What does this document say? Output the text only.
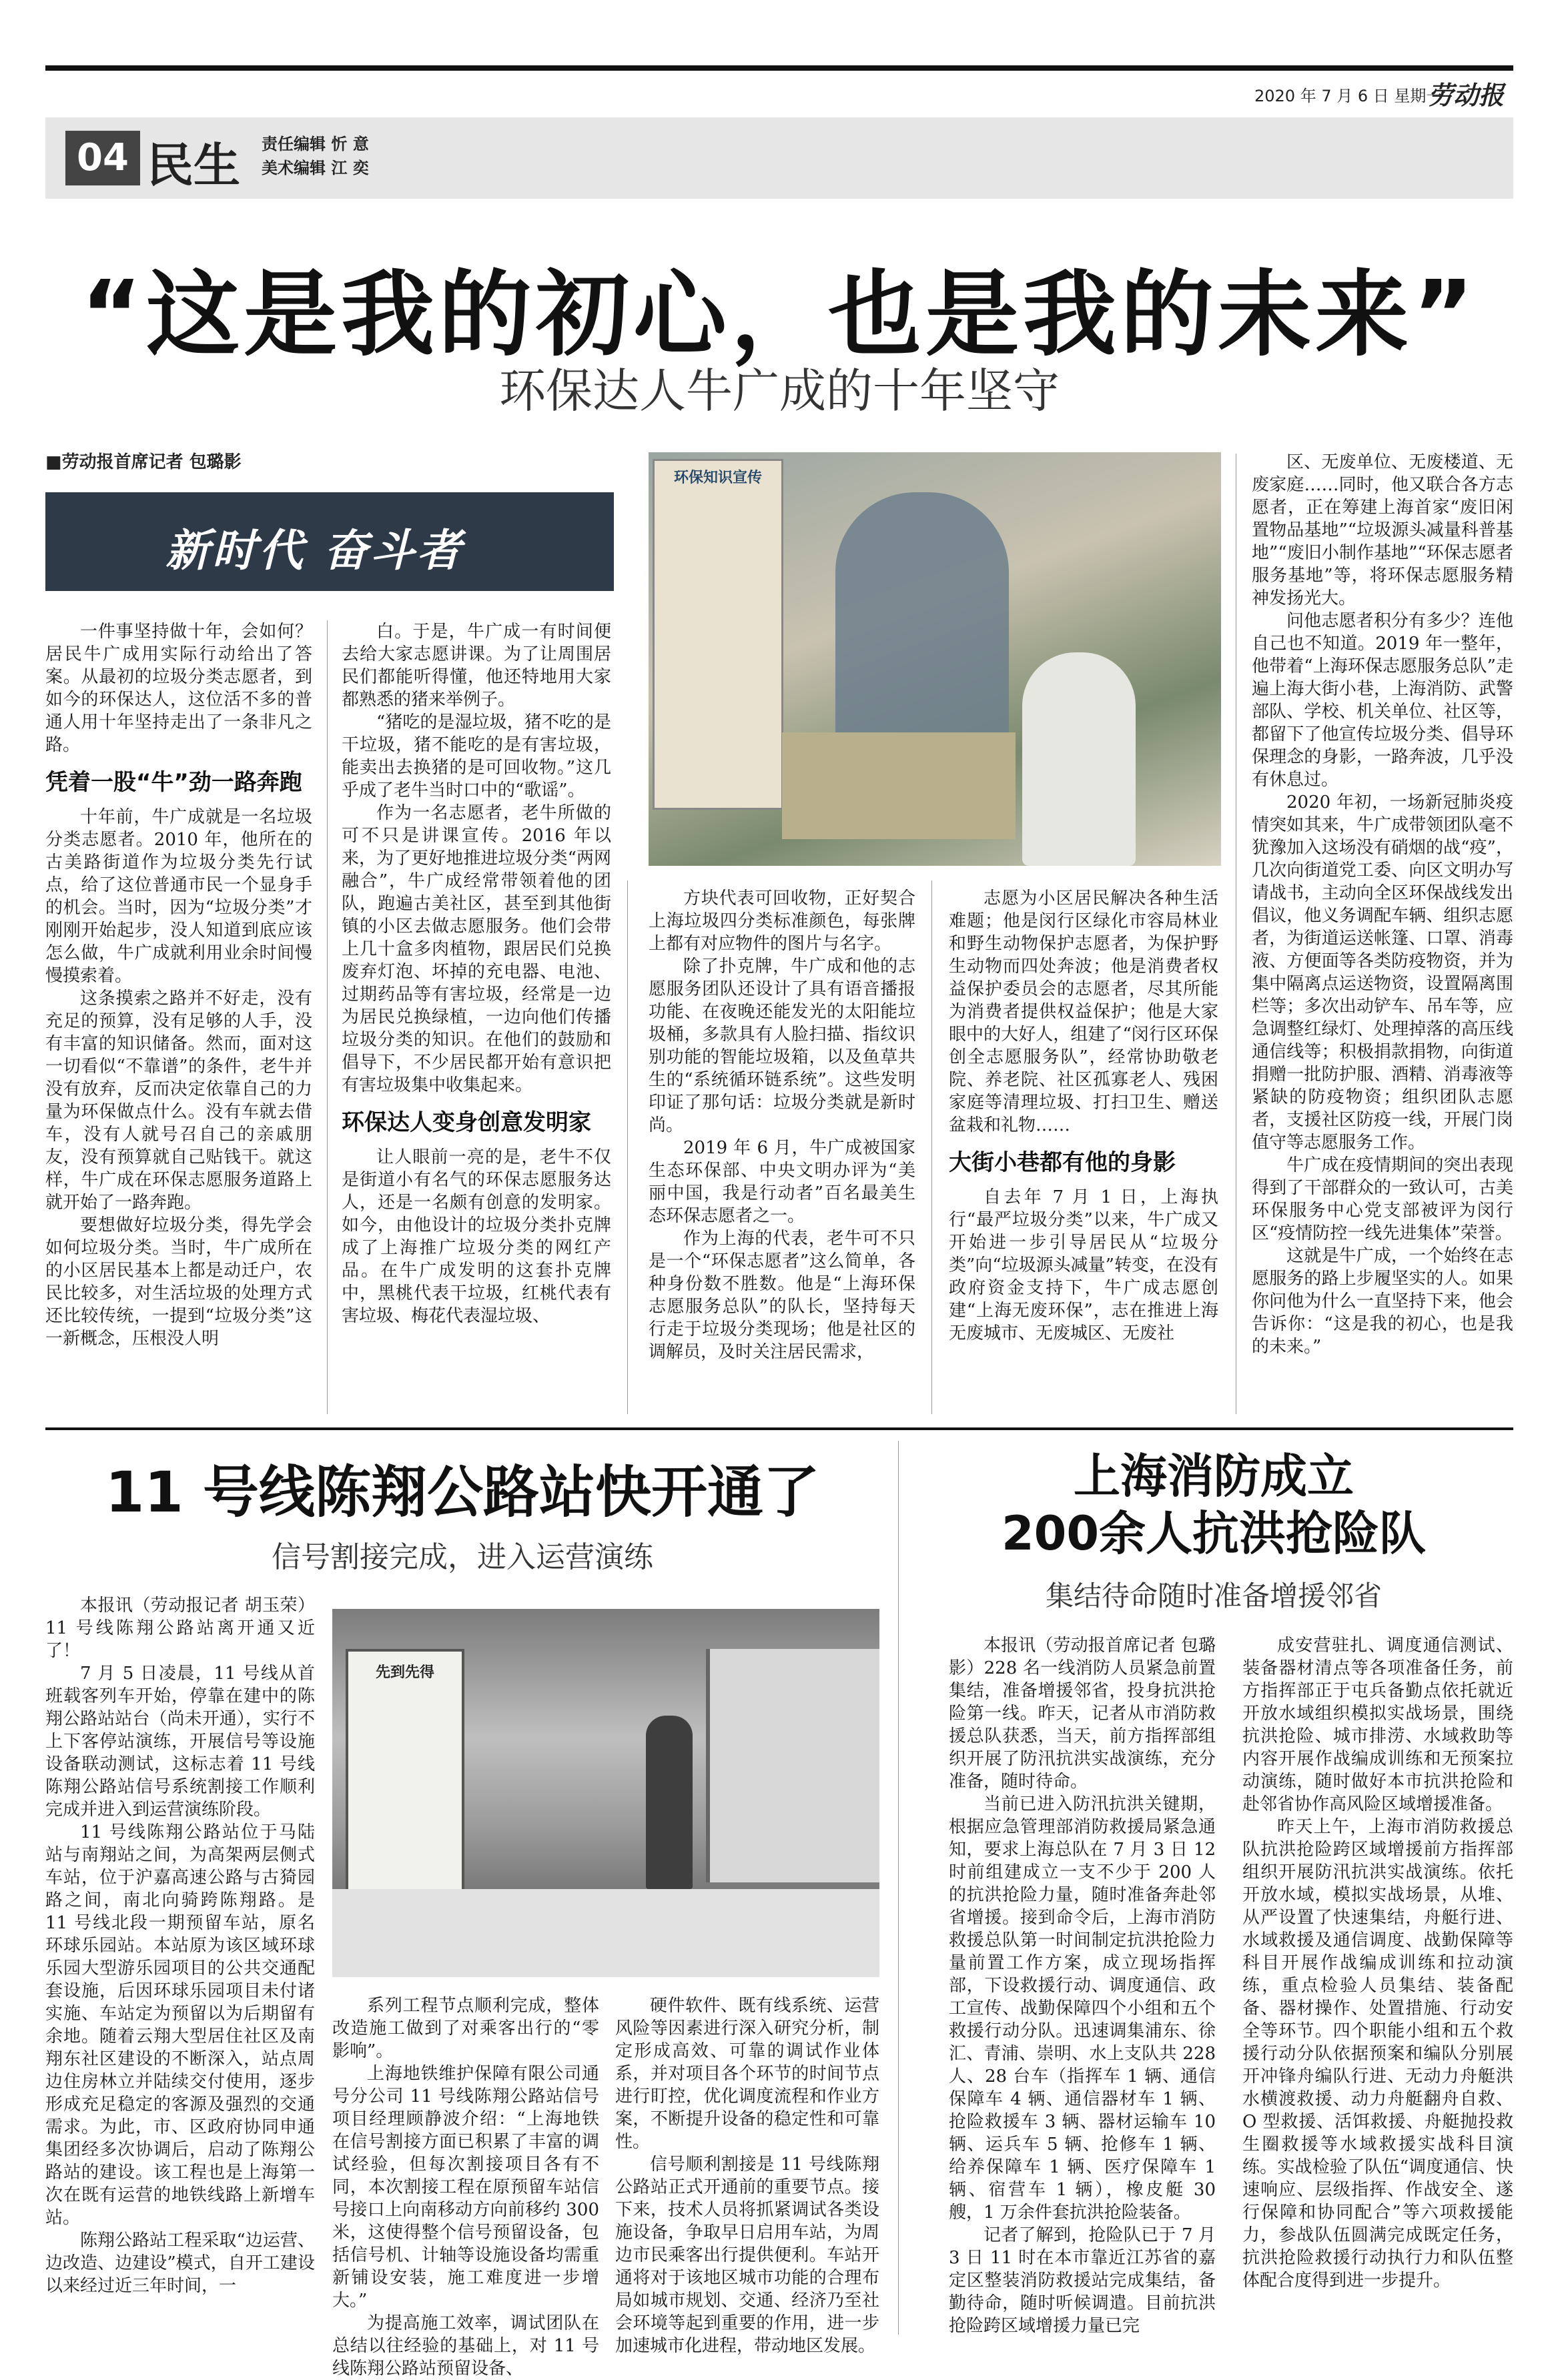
2020 年 7 月 6 日 星期一
劳动报
04 民生 责任编辑 忻 意
美术编辑 江 奕
“这是我的初心，也是我的未来”
环保达人牛广成的十年坚守
■劳动报首席记者 包璐影
新时代 奋斗者
环保知识宣传

一件事坚持做十年，会如何？居民牛广成用实际行动给出了答案。从最初的垃圾分类志愿者，到如今的环保达人，这位活不多的普通人用十年坚持走出了一条非凡之路。

凭着一股“牛”劲一路奔跑

十年前，牛广成就是一名垃圾分类志愿者。2010 年，他所在的古美路街道作为垃圾分类先行试点，给了这位普通市民一个显身手的机会。当时，因为“垃圾分类”才刚刚开始起步，没人知道到底应该怎么做，牛广成就利用业余时间慢慢摸索着。

这条摸索之路并不好走，没有充足的预算，没有足够的人手，没有丰富的知识储备。然而，面对这一切看似“不靠谱”的条件，老牛并没有放弃，反而决定依靠自己的力量为环保做点什么。没有车就去借车，没有人就号召自己的亲戚朋友，没有预算就自己贴钱干。就这样，牛广成在环保志愿服务道路上就开始了一路奔跑。

要想做好垃圾分类，得先学会如何垃圾分类。当时，牛广成所在的小区居民基本上都是动迁户，农民比较多，对生活垃圾的处理方式还比较传统，一提到“垃圾分类”这一新概念，压根没人明

白。于是，牛广成一有时间便去给大家志愿讲课。为了让周围居民们都能听得懂，他还特地用大家都熟悉的猪来举例子。

“猪吃的是湿垃圾，猪不吃的是干垃圾，猪不能吃的是有害垃圾，能卖出去换猪的是可回收物。”这几乎成了老牛当时口中的“歌谣”。

作为一名志愿者，老牛所做的可不只是讲课宣传。2016 年以来，为了更好地推进垃圾分类“两网融合”，牛广成经常带领着他的团队，跑遍古美社区，甚至到其他街镇的小区去做志愿服务。他们会带上几十盒多肉植物，跟居民们兑换废弃灯泡、坏掉的充电器、电池、过期药品等有害垃圾，经常是一边为居民兑换绿植，一边向他们传播垃圾分类的知识。在他们的鼓励和倡导下，不少居民都开始有意识把有害垃圾集中收集起来。

环保达人变身创意发明家

让人眼前一亮的是，老牛不仅是街道小有名气的环保志愿服务达人，还是一名颇有创意的发明家。如今，由他设计的垃圾分类扑克牌成了上海推广垃圾分类的网红产品。在牛广成发明的这套扑克牌中，黑桃代表干垃圾，红桃代表有害垃圾、梅花代表湿垃圾、

方块代表可回收物，正好契合上海垃圾四分类标准颜色，每张牌上都有对应物件的图片与名字。

除了扑克牌，牛广成和他的志愿服务团队还设计了具有语音播报功能、在夜晚还能发光的太阳能垃圾桶，多款具有人脸扫描、指纹识别功能的智能垃圾箱，以及鱼草共生的“系统循环链系统”。这些发明印证了那句话：垃圾分类就是新时尚。

2019 年 6 月，牛广成被国家生态环保部、中央文明办评为“美丽中国，我是行动者”百名最美生态环保志愿者之一。

作为上海的代表，老牛可不只是一个“环保志愿者”这么简单，各种身份数不胜数。他是“上海环保志愿服务总队”的队长，坚持每天行走于垃圾分类现场；他是社区的调解员，及时关注居民需求，

志愿为小区居民解决各种生活难题；他是闵行区绿化市容局林业和野生动物保护志愿者，为保护野生动物而四处奔波；他是消费者权益保护委员会的志愿者，尽其所能为消费者提供权益保护；他是大家眼中的大好人，组建了“闵行区环保创全志愿服务队”，经常协助敬老院、养老院、社区孤寡老人、残困家庭等清理垃圾、打扫卫生、赠送盆栽和礼物……

大街小巷都有他的身影

自去年 7 月 1 日，上海执行“最严垃圾分类”以来，牛广成又开始进一步引导居民从“垃圾分类”向“垃圾源头减量”转变，在没有政府资金支持下，牛广成志愿创建“上海无废环保”，志在推进上海无废城市、无废城区、无废社

区、无废单位、无废楼道、无废家庭……同时，他又联合各方志愿者，正在筹建上海首家“废旧闲置物品基地”“垃圾源头减量科普基地”“废旧小制作基地”“环保志愿者服务基地”等，将环保志愿服务精神发扬光大。

问他志愿者积分有多少？连他自己也不知道。2019 年一整年，他带着“上海环保志愿服务总队”走遍上海大街小巷，上海消防、武警部队、学校、机关单位、社区等，都留下了他宣传垃圾分类、倡导环保理念的身影，一路奔波，几乎没有休息过。

2020 年初，一场新冠肺炎疫情突如其来，牛广成带领团队毫不犹豫加入这场没有硝烟的战“疫”，几次向街道党工委、向区文明办写请战书，主动向全区环保战线发出倡议，他义务调配车辆、组织志愿者，为街道运送帐篷、口罩、消毒液、方便面等各类防疫物资，并为集中隔离点运送物资，设置隔离围栏等；多次出动铲车、吊车等，应急调整红绿灯、处理掉落的高压线通信线等；积极捐款捐物，向街道捐赠一批防护服、酒精、消毒液等紧缺的防疫物资；组织团队志愿者，支援社区防疫一线，开展门岗值守等志愿服务工作。

牛广成在疫情期间的突出表现得到了干部群众的一致认可，古美环保服务中心党支部被评为闵行区“疫情防控一线先进集体”荣誉。

这就是牛广成，一个始终在志愿服务的路上步履坚实的人。如果你问他为什么一直坚持下来，他会告诉你：“这是我的初心，也是我的未来。”

11 号线陈翔公路站快开通了
信号割接完成，进入运营演练

本报讯（劳动报记者 胡玉荣）11 号线陈翔公路站离开通又近了！

7 月 5 日凌晨，11 号线从首班载客列车开始，停靠在建中的陈翔公路站站台（尚未开通），实行不上下客停站演练，开展信号等设施设备联动测试，这标志着 11 号线陈翔公路站信号系统割接工作顺利完成并进入到运营演练阶段。

11 号线陈翔公路站位于马陆站与南翔站之间，为高架两层侧式车站，位于沪嘉高速公路与古猗园路之间，南北向骑跨陈翔路。是 11 号线北段一期预留车站，原名环球乐园站。本站原为该区域环球乐园大型游乐园项目的公共交通配套设施，后因环球乐园项目未付诸实施、车站定为预留以为后期留有余地。随着云翔大型居住社区及南翔东社区建设的不断深入，站点周边住房林立并陆续交付使用，逐步形成充足稳定的客源及强烈的交通需求。为此，市、区政府协同申通集团经多次协调后，启动了陈翔公路站的建设。该工程也是上海第一次在既有运营的地铁线路上新增车站。

陈翔公路站工程采取“边运营、边改造、边建设”模式，自开工建设以来经过近三年时间，一

先到先得

系列工程节点顺利完成，整体改造施工做到了对乘客出行的“零影响”。

上海地铁维护保障有限公司通号分公司 11 号线陈翔公路站信号项目经理顾静波介绍：“上海地铁在信号割接方面已积累了丰富的调试经验，但每次割接项目各有不同，本次割接工程在原预留车站信号接口上向南移动方向前移约 300 米，这使得整个信号预留设备，包括信号机、计轴等设施设备均需重新铺设安装，施工难度进一步增大。”

为提高施工效率，调试团队在总结以往经验的基础上，对 11 号线陈翔公路站预留设备、

硬件软件、既有线系统、运营风险等因素进行深入研究分析，制定形成高效、可靠的调试作业体系，并对项目各个环节的时间节点进行盯控，优化调度流程和作业方案，不断提升设备的稳定性和可靠性。

信号顺利割接是 11 号线陈翔公路站正式开通前的重要节点。接下来，技术人员将抓紧调试各类设施设备，争取早日启用车站，为周边市民乘客出行提供便利。车站开通将对于该地区城市功能的合理布局如城市规划、交通、经济乃至社会环境等起到重要的作用，进一步加速城市化进程，带动地区发展。

上海消防成立
200余人抗洪抢险队
集结待命随时准备增援邻省

本报讯（劳动报首席记者 包璐影）228 名一线消防人员紧急前置集结，准备增援邻省，投身抗洪抢险第一线。昨天，记者从市消防救援总队获悉，当天，前方指挥部组织开展了防汛抗洪实战演练，充分准备，随时待命。

当前已进入防汛抗洪关键期，根据应急管理部消防救援局紧急通知，要求上海总队在 7 月 3 日 12 时前组建成立一支不少于 200 人的抗洪抢险力量，随时准备奔赴邻省增援。接到命令后，上海市消防救援总队第一时间制定抗洪抢险力量前置工作方案，成立现场指挥部，下设救援行动、调度通信、政工宣传、战勤保障四个小组和五个救援行动分队。迅速调集浦东、徐汇、青浦、崇明、水上支队共 228 人、28 台车（指挥车 1 辆、通信保障车 4 辆、通信器材车 1 辆、抢险救援车 3 辆、器材运输车 10 辆、运兵车 5 辆、抢修车 1 辆、给养保障车 1 辆、医疗保障车 1 辆、宿营车 1 辆），橡皮艇 30 艘，1 万余件套抗洪抢险装备。

记者了解到，抢险队已于 7 月 3 日 11 时在本市靠近江苏省的嘉定区整装消防救援站完成集结，备勤待命，随时听候调遣。目前抗洪抢险跨区域增援力量已完

成安营驻扎、调度通信测试、装备器材清点等各项准备任务，前方指挥部正于屯兵备勤点依托就近开放水域组织模拟实战场景，围绕抗洪抢险、城市排涝、水域救助等内容开展作战编成训练和无预案拉动演练，随时做好本市抗洪抢险和赴邻省协作高风险区域增援准备。

昨天上午，上海市消防救援总队抗洪抢险跨区域增援前方指挥部组织开展防汛抗洪实战演练。依托开放水域，模拟实战场景，从堆、从严设置了快速集结，舟艇行进、水域救援及通信调度、战勤保障等科目开展作战编成训练和拉动演练，重点检验人员集结、装备配备、器材操作、处置措施、行动安全等环节。四个职能小组和五个救援行动分队依据预案和编队分别展开冲锋舟编队行进、无动力舟艇洪水横渡救援、动力舟艇翻舟自救、O 型救援、活饵救援、舟艇抛投救生圈救援等水域救援实战科目演练。实战检验了队伍“调度通信、快速响应、层级指挥、作战安全、遂行保障和协同配合”等六项救援能力，参战队伍圆满完成既定任务，抗洪抢险救援行动执行力和队伍整体配合度得到进一步提升。
